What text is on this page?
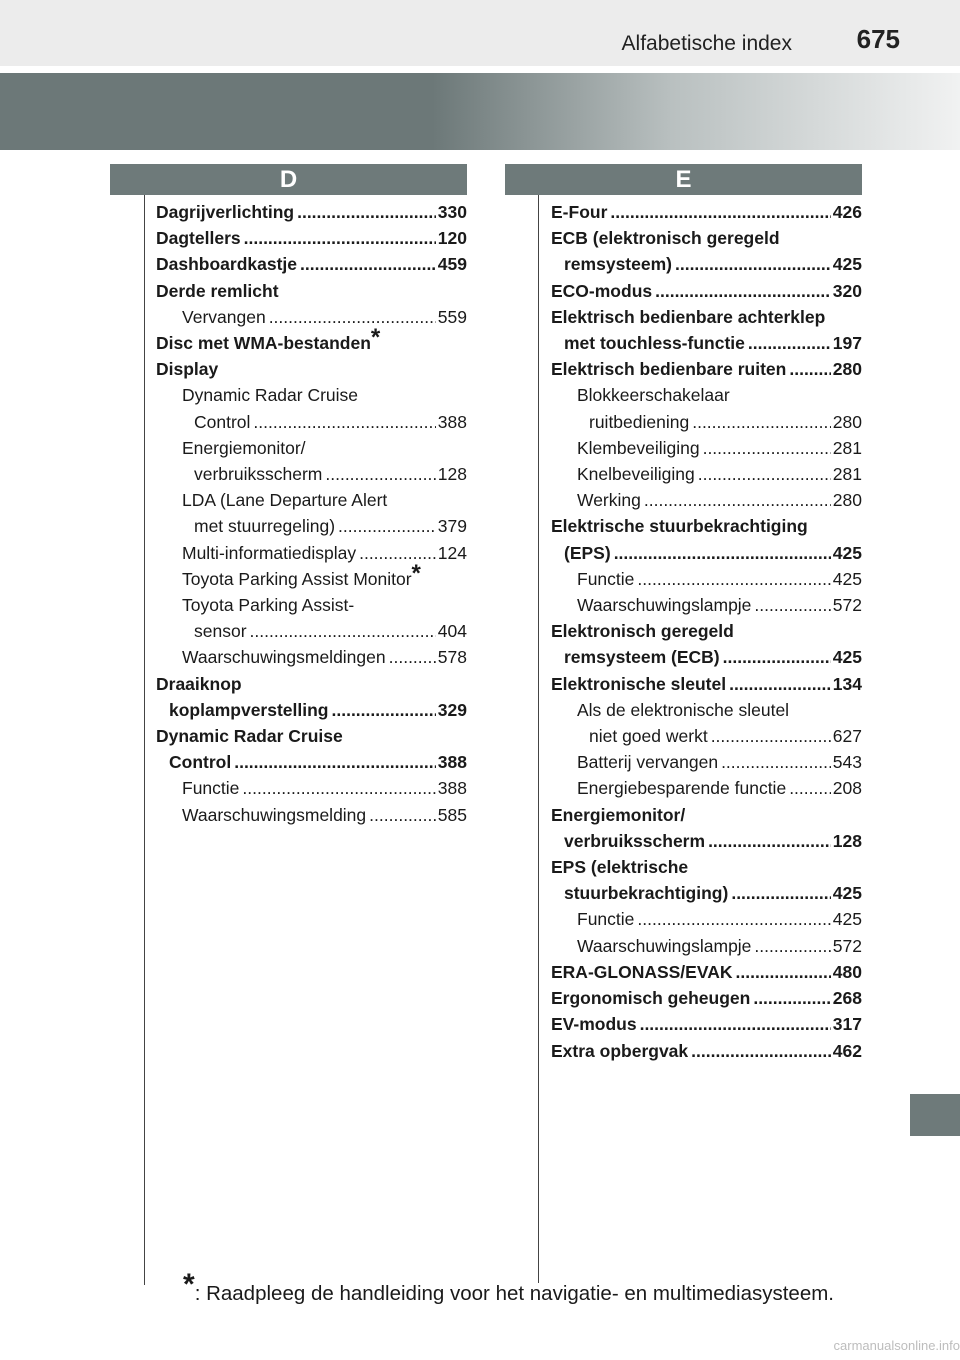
Alfabetische index	675
D	E
Dagrijverlichting .....	330
Dagtellers .....	120
Dashboardkastje .....	459
Derde remlicht
Vervangen .....	559
Disc met WMA-bestanden *
Display
Dynamic Radar Cruise
Control .....	388
Energiemonitor/
verbruiksscherm .....	128
LDA (Lane Departure Alert
met stuurregeling) .....	379
Multi-informatiedisplay .....	124
Toyota Parking Assist Monitor *
Toyota Parking Assist-
sensor .....	404
Waarschuwingsmeldingen .....	578
Draaiknop
koplampverstelling .....	329
Dynamic Radar Cruise
Control .....	388
Functie .....	388
Waarschuwingsmelding .....	585
E-Four .....	426
ECB (elektronisch geregeld
remsysteem) .....	425
ECO-modus .....	320
Elektrisch bedienbare achterklep
met touchless-functie .....	197
Elektrisch bedienbare ruiten .....	280
Blokkeerschakelaar
ruitbediening .....	280
Klembeveiliging .....	281
Knelbeveiliging .....	281
Werking .....	280
Elektrische stuurbekrachtiging
(EPS) .....	425
Functie .....	425
Waarschuwingslampje .....	572
Elektronisch geregeld
remsysteem (ECB) .....	425
Elektronische sleutel .....	134
Als de elektronische sleutel
niet goed werkt .....	627
Batterij vervangen .....	543
Energiebesparende functie .....	208
Energiemonitor/
verbruiksscherm .....	128
EPS (elektrische
stuurbekrachtiging) .....	425
Functie .....	425
Waarschuwingslampje .....	572
ERA-GLONASS/EVAK .....	480
Ergonomisch geheugen .....	268
EV-modus .....	317
Extra opbergvak .....	462
*: Raadpleeg de handleiding voor het navigatie- en multimediasysteem.
carmanualsonline.info
